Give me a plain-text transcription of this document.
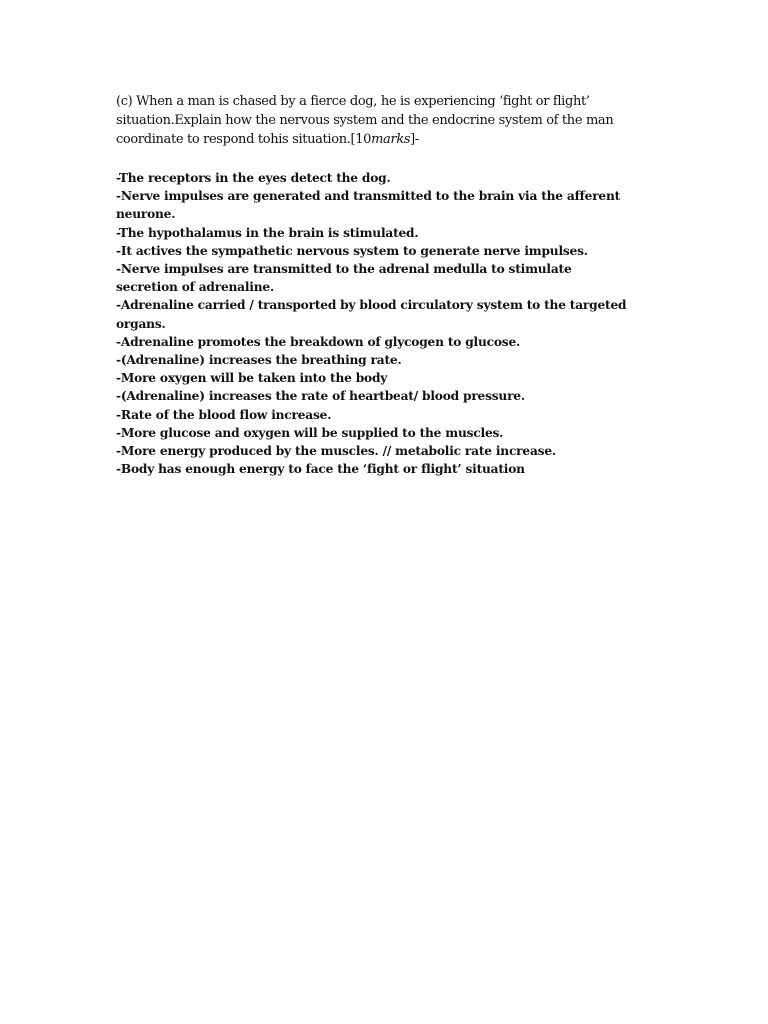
(c) When a man is chased by a fierce dog, he is experiencing ‘fight or flight’ situation.Explain how the nervous system and the endocrine system of the man coordinate to respond tohis situation.[10marks]-

-The receptors in the eyes detect the dog.
-Nerve impulses are generated and transmitted to the brain via the afferent neurone.
-The hypothalamus in the brain is stimulated.
-It actives the sympathetic nervous system to generate nerve impulses.
-Nerve impulses are transmitted to the adrenal medulla to stimulate secretion of adrenaline.
-Adrenaline carried / transported by blood circulatory system to the targeted organs.
-Adrenaline promotes the breakdown of glycogen to glucose.
-(Adrenaline) increases the breathing rate.
-More oxygen will be taken into the body
-(Adrenaline) increases the rate of heartbeat/ blood pressure.
-Rate of the blood flow increase.
-More glucose and oxygen will be supplied to the muscles.
-More energy produced by the muscles. // metabolic rate increase.
-Body has enough energy to face the ‘fight or flight’ situation
